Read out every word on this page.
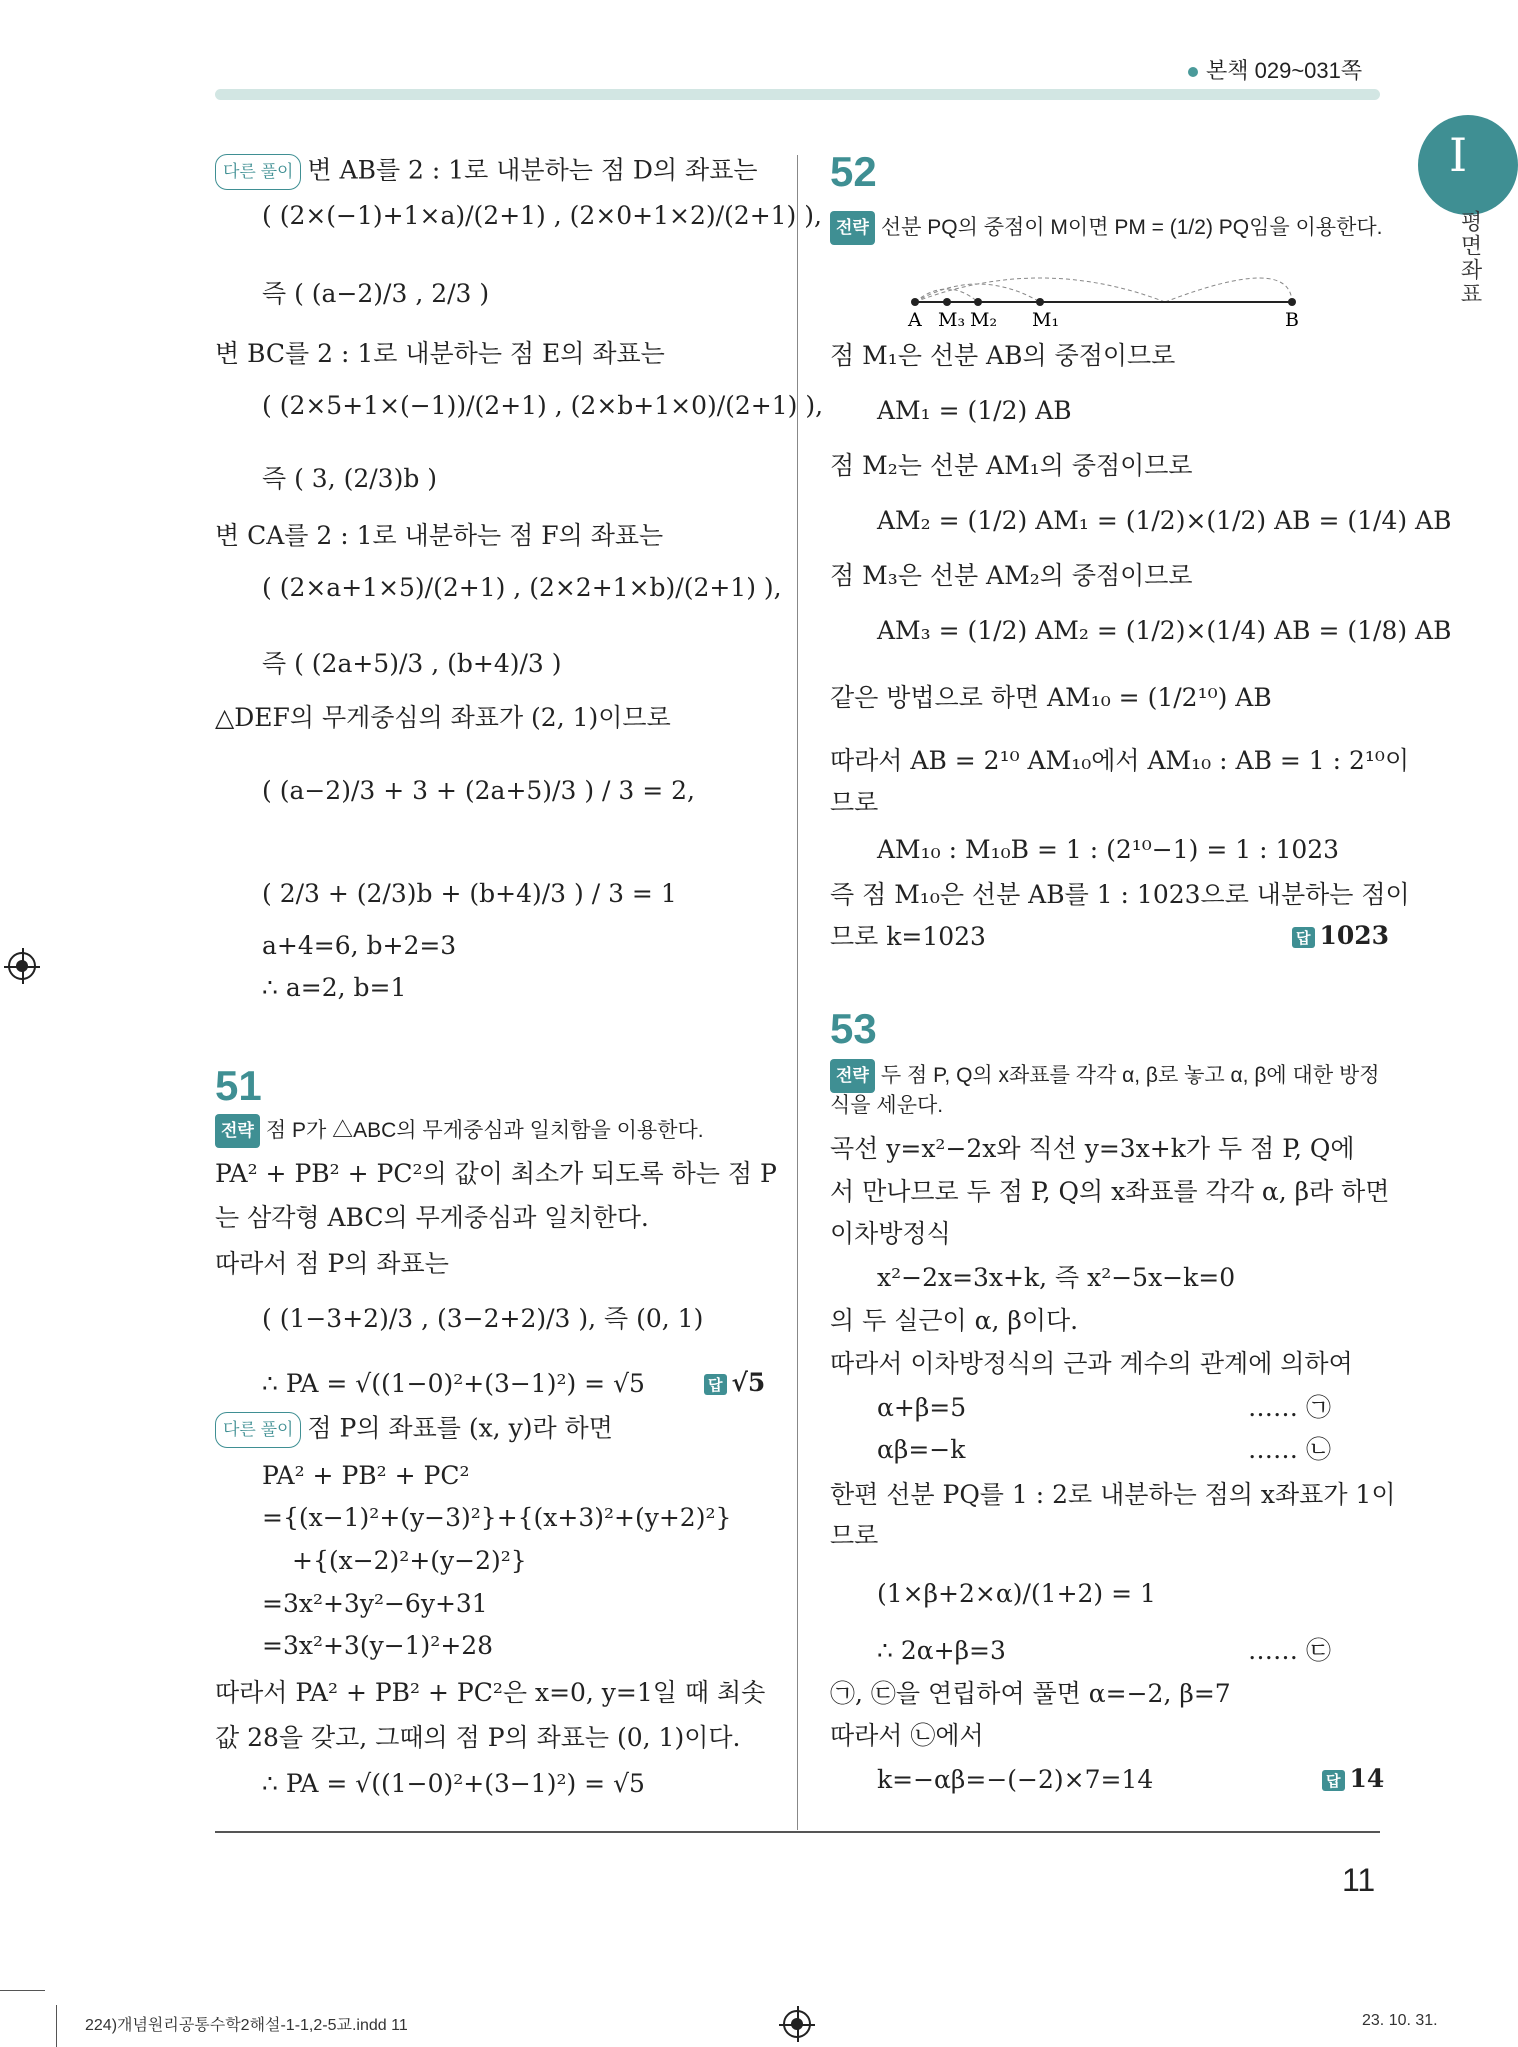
본책 029~031쪽
I
평면좌표
다른 풀이 변 AB를 2 : 1로 내분하는 점 D의 좌표는
( (2×(−1)+1×a)/(2+1) , (2×0+1×2)/(2+1) ),
즉 ( (a−2)/3 , 2/3 )
변 BC를 2 : 1로 내분하는 점 E의 좌표는
( (2×5+1×(−1))/(2+1) , (2×b+1×0)/(2+1) ),
즉 ( 3, (2/3)b )
변 CA를 2 : 1로 내분하는 점 F의 좌표는
( (2×a+1×5)/(2+1) , (2×2+1×b)/(2+1) ),
즉 ( (2a+5)/3 , (b+4)/3 )
△DEF의 무게중심의 좌표가 (2, 1)이므로
( (a−2)/3 + 3 + (2a+5)/3 ) / 3 = 2,
( 2/3 + (2/3)b + (b+4)/3 ) / 3 = 1
a+4=6, b+2=3
∴ a=2, b=1
51
전략 점 P가 △ABC의 무게중심과 일치함을 이용한다.
PA² + PB² + PC²의 값이 최소가 되도록 하는 점 P
는 삼각형 ABC의 무게중심과 일치한다.
따라서 점 P의 좌표는
( (1−3+2)/3 , (3−2+2)/3 ), 즉 (0, 1)
∴ PA = √((1−0)²+(3−1)²) = √5	답 √5
다른 풀이 점 P의 좌표를 (x, y)라 하면
PA² + PB² + PC²
={(x−1)²+(y−3)²}+{(x+3)²+(y+2)²}
+{(x−2)²+(y−2)²}
=3x²+3y²−6y+31
=3x²+3(y−1)²+28
따라서 PA² + PB² + PC²은 x=0, y=1일 때 최솟
값 28을 갖고, 그때의 점 P의 좌표는 (0, 1)이다.
∴ PA = √((1−0)²+(3−1)²) = √5
52
전략 선분 PQ의 중점이 M이면 PM = (1/2) PQ임을 이용한다.
A M₃ M₂ M₁	B
점 M₁은 선분 AB의 중점이므로
AM₁ = (1/2) AB
점 M₂는 선분 AM₁의 중점이므로
AM₂ = (1/2) AM₁ = (1/2)×(1/2) AB = (1/4) AB
점 M₃은 선분 AM₂의 중점이므로
AM₃ = (1/2) AM₂ = (1/2)×(1/4) AB = (1/8) AB
같은 방법으로 하면 AM₁₀ = (1/2¹⁰) AB
따라서 AB = 2¹⁰ AM₁₀에서 AM₁₀ : AB = 1 : 2¹⁰이
므로
AM₁₀ : M₁₀B = 1 : (2¹⁰−1) = 1 : 1023
즉 점 M₁₀은 선분 AB를 1 : 1023으로 내분하는 점이
므로 k=1023	답 1023
53
전략 두 점 P, Q의 x좌표를 각각 α, β로 놓고 α, β에 대한 방정
식을 세운다.
곡선 y=x²−2x와 직선 y=3x+k가 두 점 P, Q에
서 만나므로 두 점 P, Q의 x좌표를 각각 α, β라 하면
이차방정식
x²−2x=3x+k, 즉 x²−5x−k=0
의 두 실근이 α, β이다.
따라서 이차방정식의 근과 계수의 관계에 의하여
α+β=5	…… ㉠
αβ=−k	…… ㉡
한편 선분 PQ를 1 : 2로 내분하는 점의 x좌표가 1이
므로
(1×β+2×α)/(1+2) = 1
∴ 2α+β=3	…… ㉢
㉠, ㉢을 연립하여 풀면 α=−2, β=7
따라서 ㉡에서
k=−αβ=−(−2)×7=14	답 14
11
224)개념원리공통수학2해설-1-1,2-5교.indd 11	23. 10. 31.
